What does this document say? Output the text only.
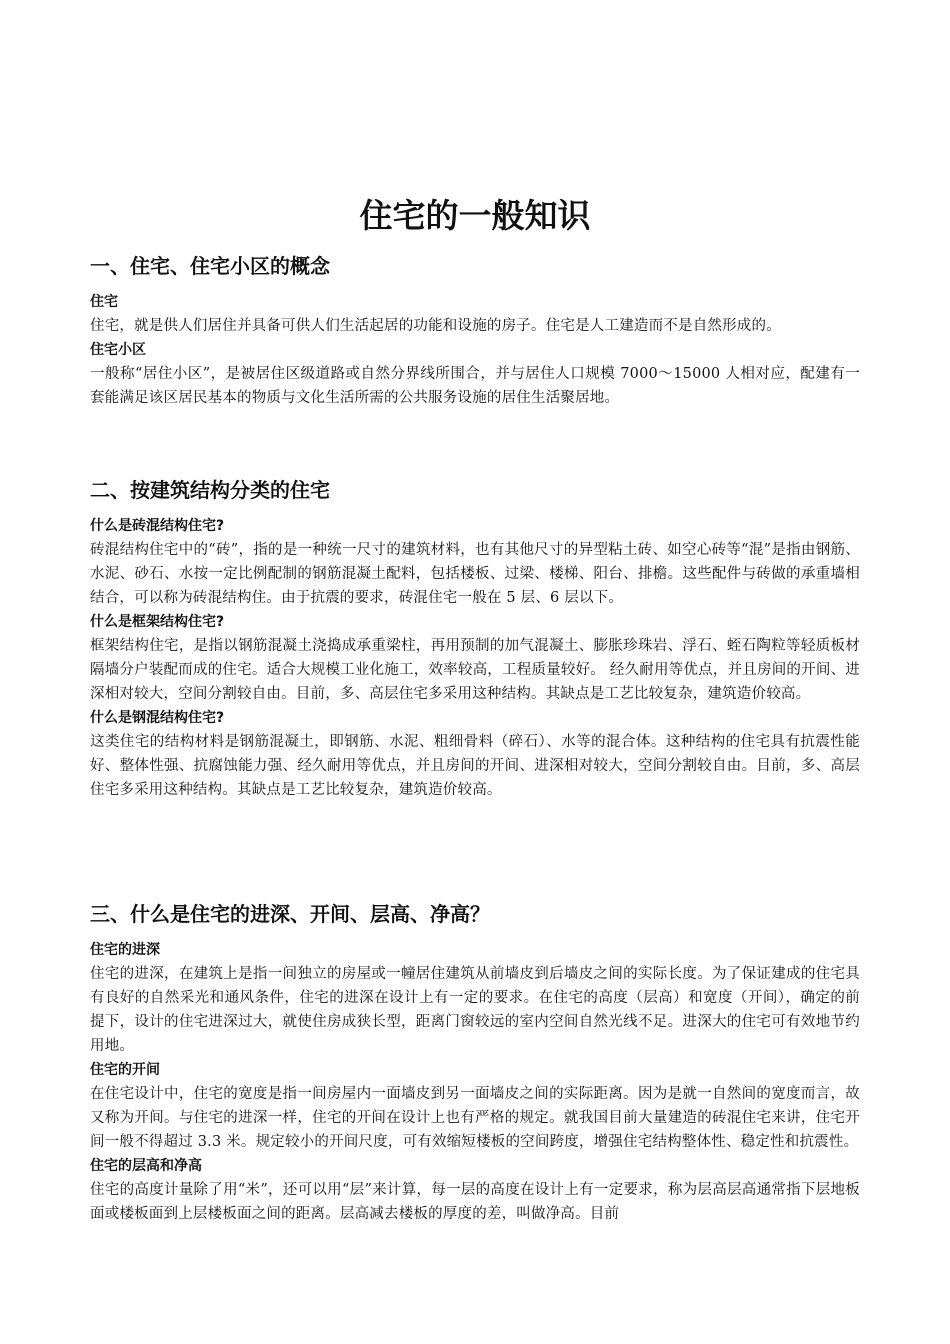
住宅的一般知识
一、住宅、住宅小区的概念
住宅

住宅，就是供人们居住并具备可供人们生活起居的功能和设施的房子。住宅是人工建造而不是自然形成的。

住宅小区

一般称“居住小区”，是被居住区级道路或自然分界线所围合，并与居住人口规模 7000～15000 人相对应，配建有一套能满足该区居民基本的物质与文化生活所需的公共服务设施的居住生活聚居地。

二、按建筑结构分类的住宅
什么是砖混结构住宅?

砖混结构住宅中的“砖”，指的是一种统一尺寸的建筑材料，也有其他尺寸的异型粘土砖、如空心砖等“混”是指由钢筋、水泥、砂石、水按一定比例配制的钢筋混凝土配料，包括楼板、过梁、楼梯、阳台、排檐。这些配件与砖做的承重墙相结合，可以称为砖混结构住。由于抗震的要求，砖混住宅一般在 5 层、6 层以下。

什么是框架结构住宅?

框架结构住宅，是指以钢筋混凝土浇捣成承重梁柱，再用预制的加气混凝土、膨胀珍珠岩、浮石、蛭石陶粒等轻质板材隔墙分户装配而成的住宅。适合大规模工业化施工，效率较高，工程质量较好。 经久耐用等优点，并且房间的开间、进深相对较大，空间分割较自由。目前，多、高层住宅多采用这种结构。其缺点是工艺比较复杂，建筑造价较高。

什么是钢混结构住宅?

这类住宅的结构材料是钢筋混凝土，即钢筋、水泥、粗细骨料（碎石）、水等的混合体。这种结构的住宅具有抗震性能好、整体性强、抗腐蚀能力强、经久耐用等优点，并且房间的开间、进深相对较大，空间分割较自由。目前，多、高层住宅多采用这种结构。其缺点是工艺比较复杂，建筑造价较高。

三、什么是住宅的进深、开间、层高、净高？
住宅的进深

住宅的进深，在建筑上是指一间独立的房屋或一幢居住建筑从前墙皮到后墙皮之间的实际长度。为了保证建成的住宅具有良好的自然采光和通风条件，住宅的进深在设计上有一定的要求。在住宅的高度（层高）和宽度（开间），确定的前提下，设计的住宅进深过大，就使住房成狭长型，距离门窗较远的室内空间自然光线不足。进深大的住宅可有效地节约用地。

住宅的开间

在住宅设计中，住宅的宽度是指一间房屋内一面墙皮到另一面墙皮之间的实际距离。因为是就一自然间的宽度而言，故又称为开间。与住宅的进深一样，住宅的开间在设计上也有严格的规定。就我国目前大量建造的砖混住宅来讲，住宅开间一般不得超过 3.3 米。规定较小的开间尺度，可有效缩短楼板的空间跨度，增强住宅结构整体性、稳定性和抗震性。

住宅的层高和净高

住宅的高度计量除了用“米”，还可以用“层”来计算，每一层的高度在设计上有一定要求，称为层高层高通常指下层地板面或楼板面到上层楼板面之间的距离。层高减去楼板的厚度的差，叫做净高。目前
